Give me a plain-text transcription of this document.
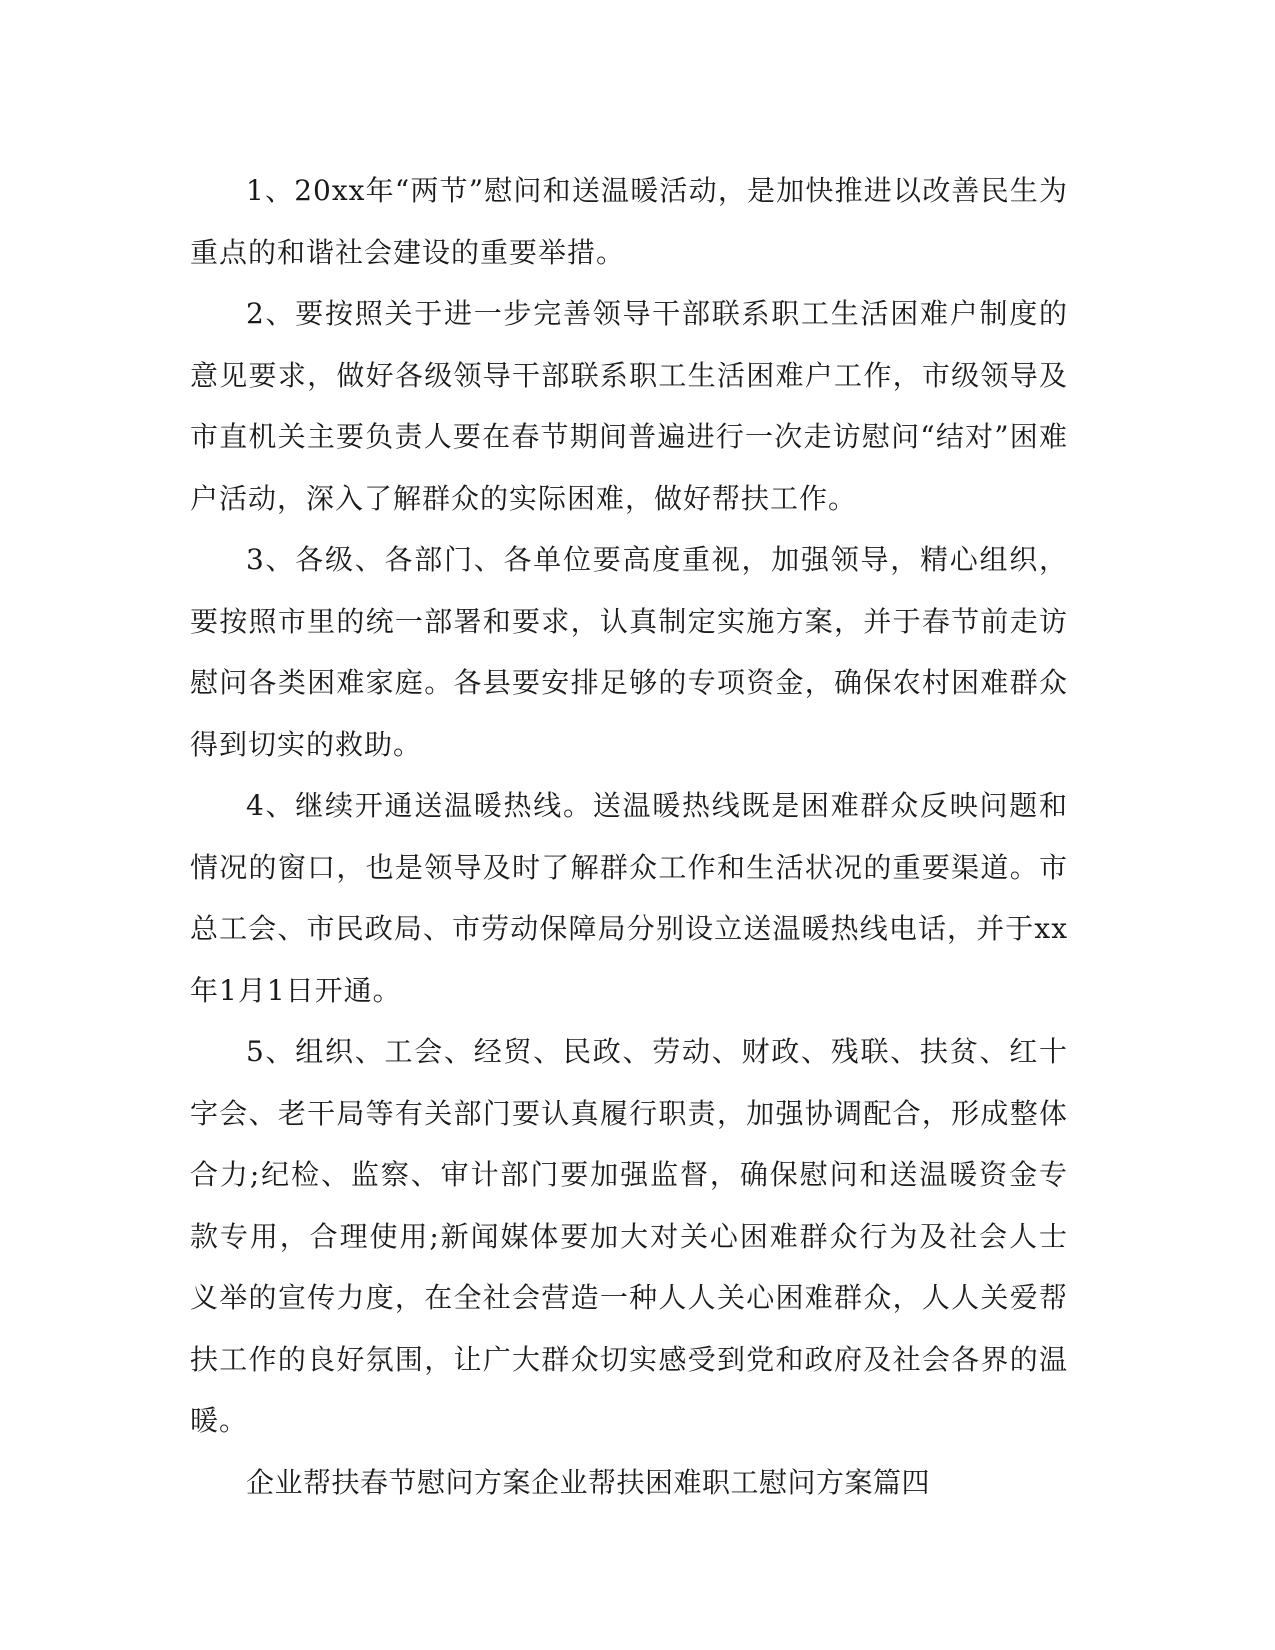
1、20xx年“两节”慰问和送温暖活动，是加快推进以改善民生为重点的和谐社会建设的重要举措。

2、要按照关于进一步完善领导干部联系职工生活困难户制度的意见要求，做好各级领导干部联系职工生活困难户工作，市级领导及市直机关主要负责人要在春节期间普遍进行一次走访慰问“结对”困难户活动，深入了解群众的实际困难，做好帮扶工作。

3、各级、各部门、各单位要高度重视，加强领导，精心组织，要按照市里的统一部署和要求，认真制定实施方案，并于春节前走访慰问各类困难家庭。各县要安排足够的专项资金，确保农村困难群众得到切实的救助。

4、继续开通送温暖热线。送温暖热线既是困难群众反映问题和情况的窗口，也是领导及时了解群众工作和生活状况的重要渠道。市总工会、市民政局、市劳动保障局分别设立送温暖热线电话，并于xx年1月1日开通。

5、组织、工会、经贸、民政、劳动、财政、残联、扶贫、红十字会、老干局等有关部门要认真履行职责，加强协调配合，形成整体合力;纪检、监察、审计部门要加强监督，确保慰问和送温暖资金专款专用，合理使用;新闻媒体要加大对关心困难群众行为及社会人士义举的宣传力度，在全社会营造一种人人关心困难群众，人人关爱帮扶工作的良好氛围，让广大群众切实感受到党和政府及社会各界的温暖。

企业帮扶春节慰问方案企业帮扶困难职工慰问方案篇四
